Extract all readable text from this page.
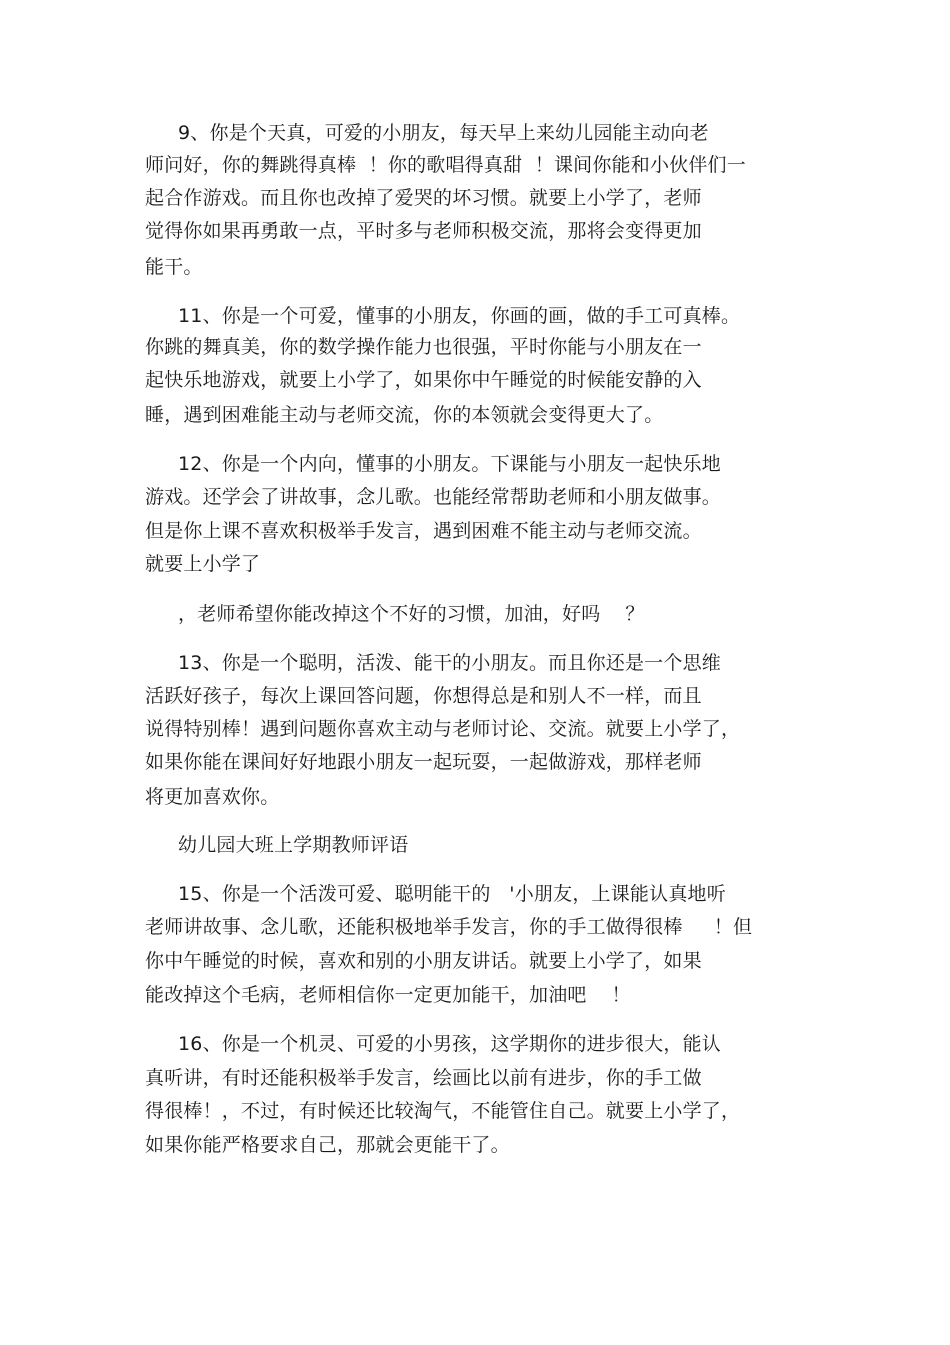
9、你是个天真，可爱的小朋友，每天早上来幼儿园能主动向老
师问好，你的舞跳得真棒  ！你的歌唱得真甜  ！课间你能和小伙伴们一
起合作游戏。而且你也改掉了爱哭的坏习惯。就要上小学了，老师
觉得你如果再勇敢一点，平时多与老师积极交流，那将会变得更加
能干。
11、你是一个可爱，懂事的小朋友，你画的画，做的手工可真棒。
你跳的舞真美，你的数学操作能力也很强，平时你能与小朋友在一
起快乐地游戏，就要上小学了，如果你中午睡觉的时候能安静的入
睡，遇到困难能主动与老师交流，你的本领就会变得更大了。
12、你是一个内向，懂事的小朋友。下课能与小朋友一起快乐地
游戏。还学会了讲故事，念儿歌。也能经常帮助老师和小朋友做事。
但是你上课不喜欢积极举手发言，遇到困难不能主动与老师交流。
就要上小学了
，老师希望你能改掉这个不好的习惯，加油，好吗    ？
13、你是一个聪明，活泼、能干的小朋友。而且你还是一个思维
活跃好孩子，每次上课回答问题，你想得总是和别人不一样，而且
说得特别棒！遇到问题你喜欢主动与老师讨论、交流。就要上小学了，
如果你能在课间好好地跟小朋友一起玩耍，一起做游戏，那样老师
将更加喜欢你。
幼儿园大班上学期教师评语
15、你是一个活泼可爱、聪明能干的   '小朋友，上课能认真地听
老师讲故事、念儿歌，还能积极地举手发言，你的手工做得很棒     ！但
你中午睡觉的时候，喜欢和别的小朋友讲话。就要上小学了，如果
能改掉这个毛病，老师相信你一定更加能干，加油吧    ！
16、你是一个机灵、可爱的小男孩，这学期你的进步很大，能认
真听讲，有时还能积极举手发言，绘画比以前有进步，你的手工做
得很棒！，不过，有时候还比较淘气，不能管住自己。就要上小学了，
如果你能严格要求自己，那就会更能干了。
